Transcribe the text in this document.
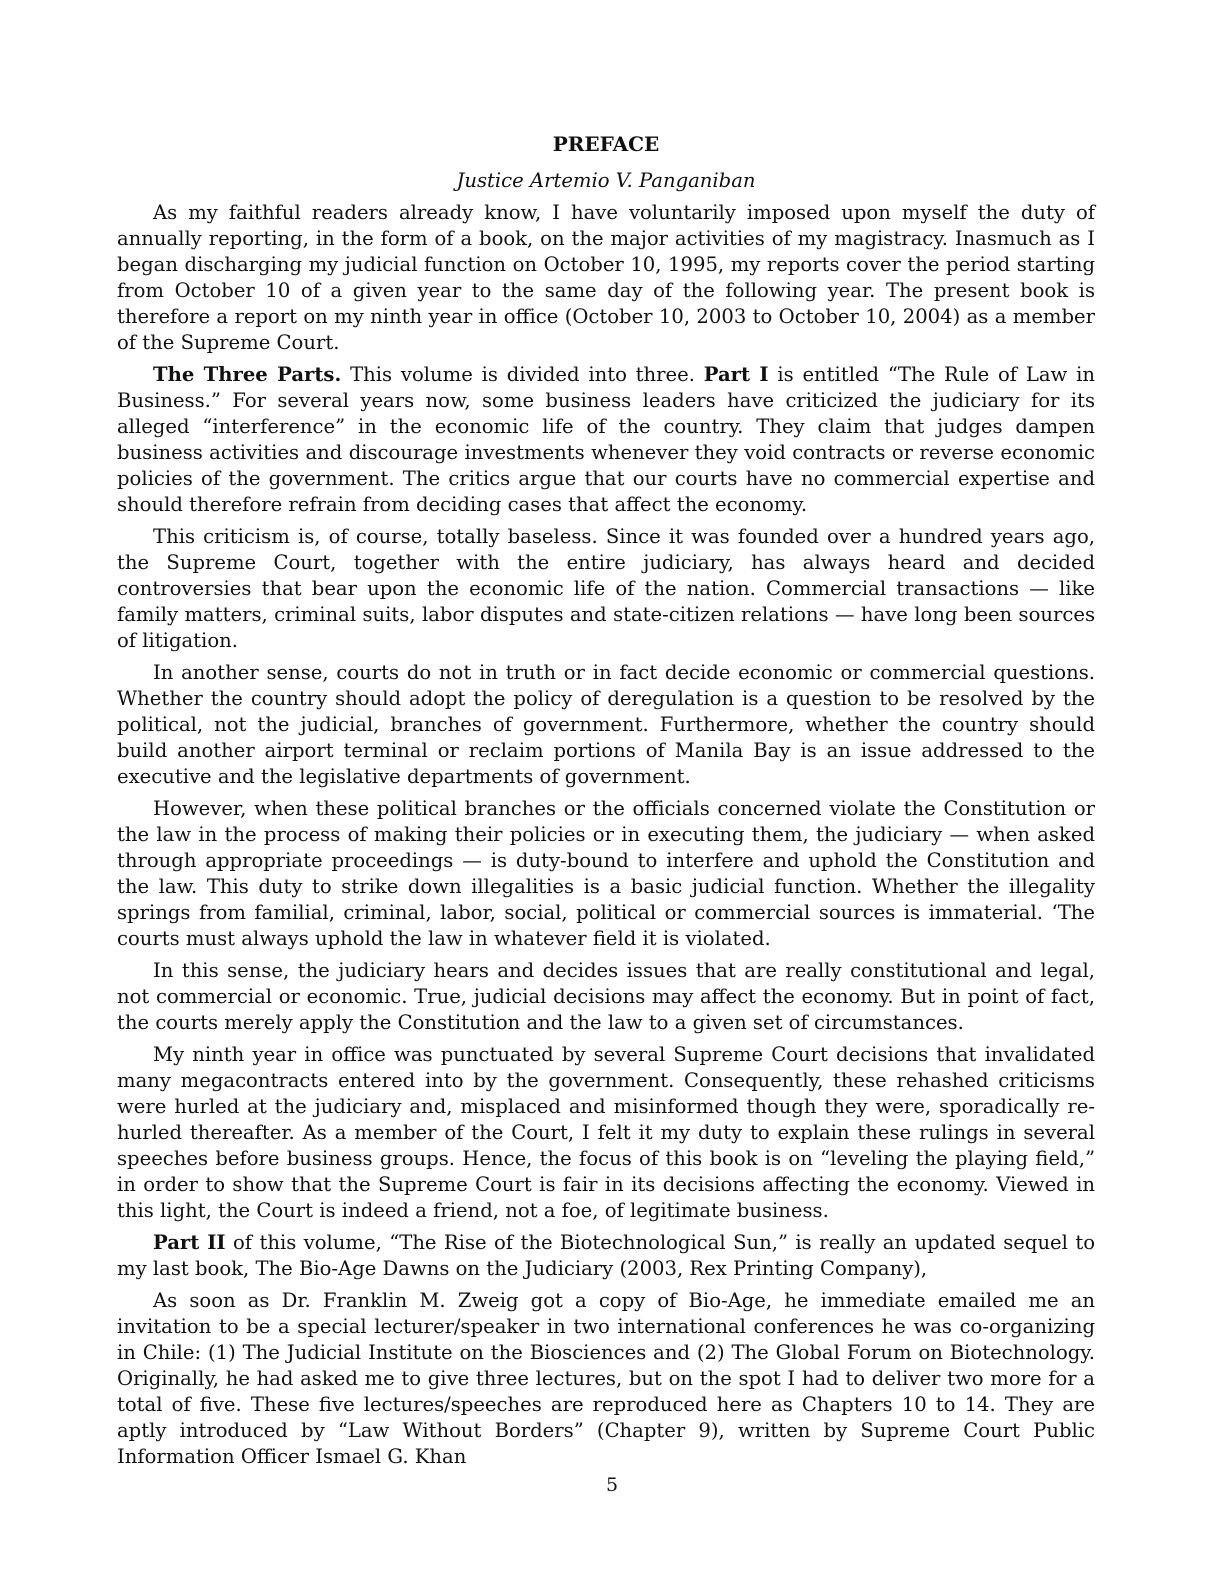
PREFACE
Justice Artemio V. Panganiban

As my faithful readers already know, I have voluntarily imposed upon myself the duty of annually reporting, in the form of a book, on the major activities of my magistracy. Inasmuch as I began discharging my judicial function on October 10, 1995, my reports cover the period starting from October 10 of a given year to the same day of the following year. The present book is therefore a report on my ninth year in office (October 10, 2003 to October 10, 2004) as a member of the Supreme Court.

The Three Parts. This volume is divided into three. Part I is entitled “The Rule of Law in Business.” For several years now, some business leaders have criticized the judiciary for its alleged “interference” in the economic life of the country. They claim that judges dampen business activities and discourage investments whenever they void contracts or reverse economic policies of the government. The critics argue that our courts have no commercial expertise and should therefore refrain from deciding cases that affect the economy.

This criticism is, of course, totally baseless. Since it was founded over a hundred years ago, the Supreme Court, together with the entire judiciary, has always heard and decided controversies that bear upon the economic life of the nation. Commercial transactions — like family matters, criminal suits, labor disputes and state-citizen relations — have long been sources of litigation.

In another sense, courts do not in truth or in fact decide economic or commercial questions. Whether the country should adopt the policy of deregulation is a question to be resolved by the political, not the judicial, branches of government. Furthermore, whether the country should build another airport terminal or reclaim portions of Manila Bay is an issue addressed to the executive and the legislative departments of government.

However, when these political branches or the officials concerned violate the Constitution or the law in the process of making their policies or in executing them, the judiciary — when asked through appropriate proceedings — is duty-bound to interfere and uphold the Constitution and the law. This duty to strike down illegalities is a basic judicial function. Whether the illegality springs from familial, criminal, labor, social, political or commercial sources is immaterial. ‘The courts must always uphold the law in whatever field it is violated.

In this sense, the judiciary hears and decides issues that are really constitutional and legal, not commercial or economic. True, judicial decisions may affect the economy. But in point of fact, the courts merely apply the Constitution and the law to a given set of circumstances.

My ninth year in office was punctuated by several Supreme Court decisions that invalidated many megacontracts entered into by the government. Consequently, these rehashed criticisms were hurled at the judiciary and, misplaced and misinformed though they were, sporadically re-hurled thereafter. As a member of the Court, I felt it my duty to explain these rulings in several speeches before business groups. Hence, the focus of this book is on “leveling the playing field,” in order to show that the Supreme Court is fair in its decisions affecting the economy. Viewed in this light, the Court is indeed a friend, not a foe, of legitimate business.

Part II of this volume, “The Rise of the Biotechnological Sun,” is really an updated sequel to my last book, The Bio-Age Dawns on the Judiciary (2003, Rex Printing Company),

As soon as Dr. Franklin M. Zweig got a copy of Bio-Age, he immediate emailed me an invitation to be a special lecturer/speaker in two international conferences he was co-organizing in Chile: (1) The Judicial Institute on the Biosciences and (2) The Global Forum on Biotechnology. Originally, he had asked me to give three lectures, but on the spot I had to deliver two more for a total of five. These five lectures/speeches are reproduced here as Chapters 10 to 14. They are aptly introduced by “Law Without Borders” (Chapter 9), written by Supreme Court Public Information Officer Ismael G. Khan

5
